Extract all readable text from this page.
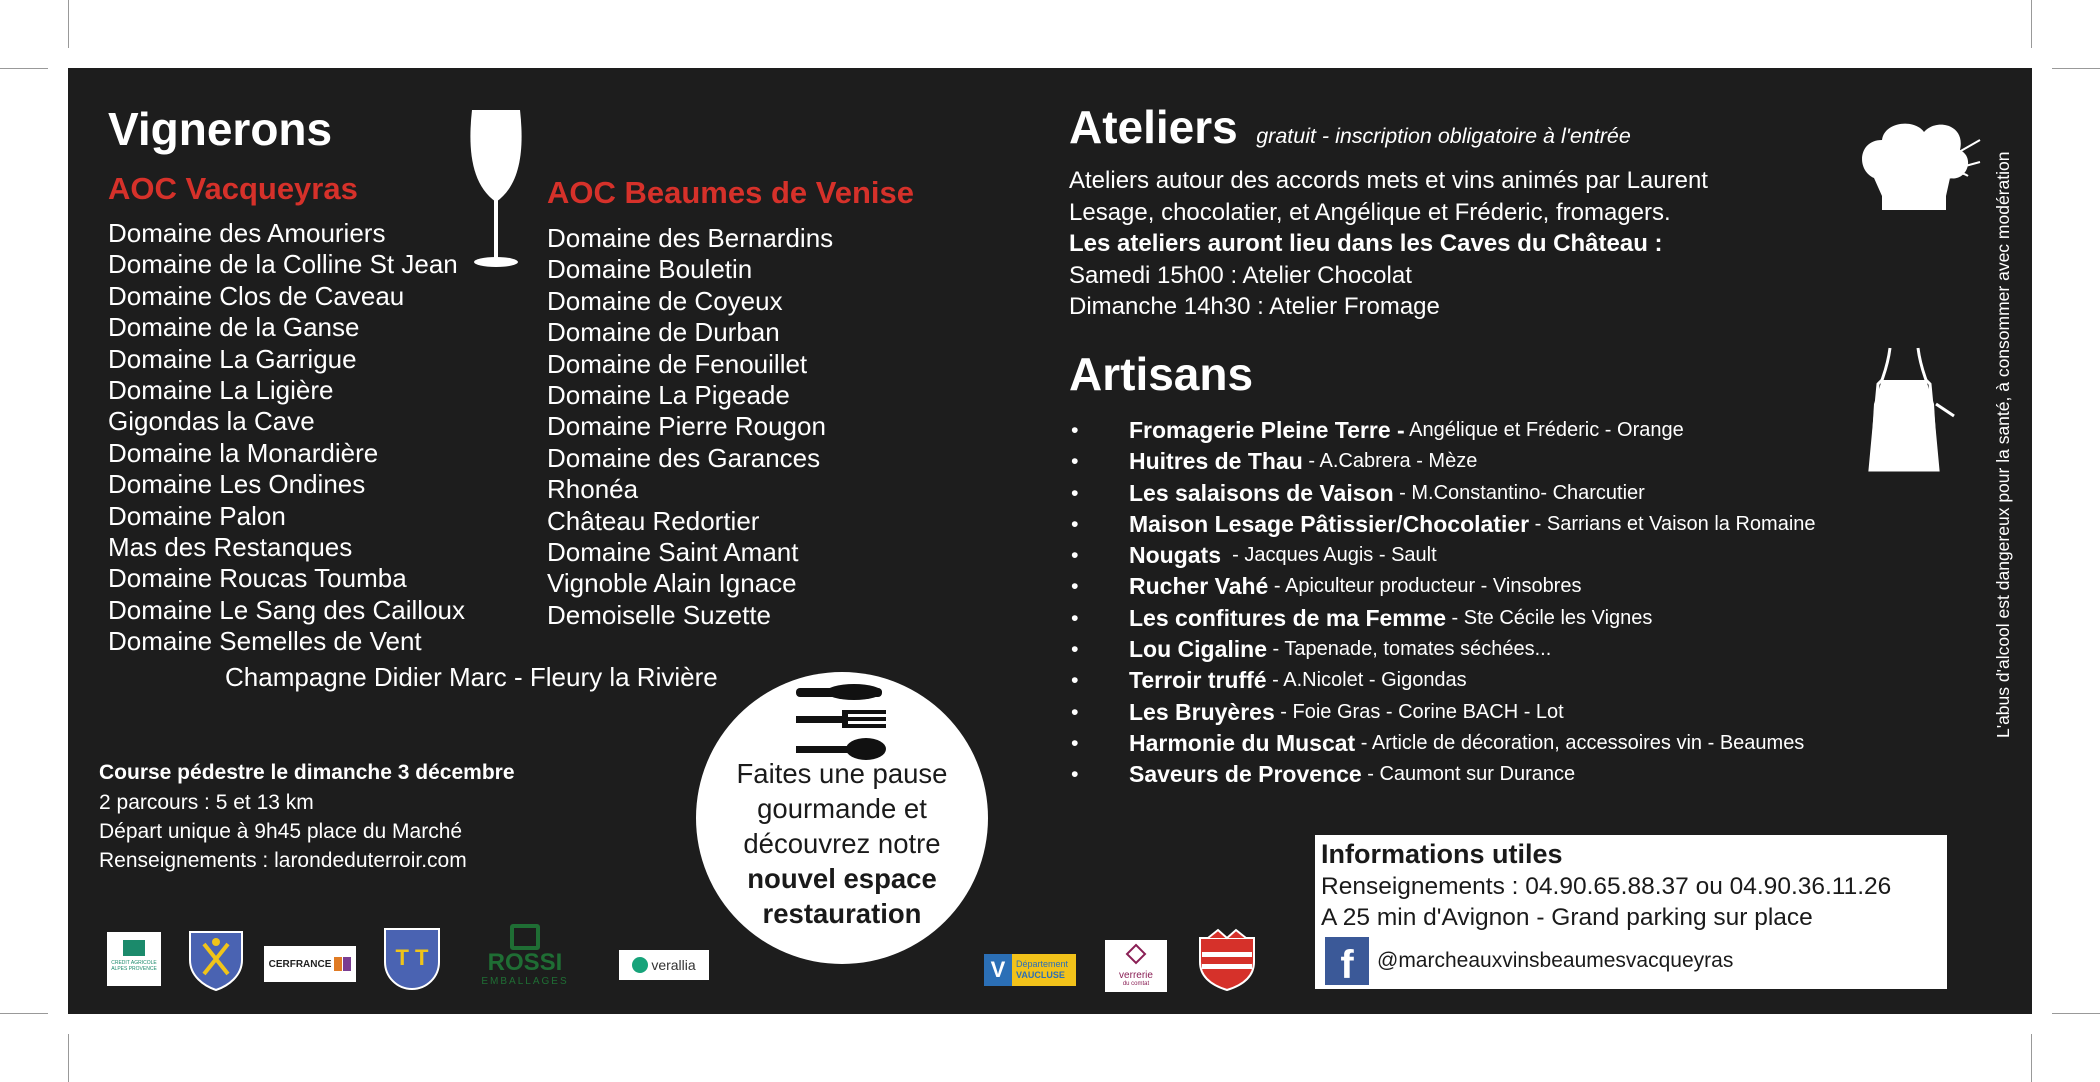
Vignerons
AOC Vacqueyras
Domaine des Amouriers
Domaine de la Colline St Jean
Domaine Clos de Caveau
Domaine de la Ganse
Domaine La Garrigue
Domaine La Ligière
Gigondas la Cave
Domaine la Monardière
Domaine Les Ondines
Domaine Palon
Mas des Restanques
Domaine Roucas Toumba
Domaine Le Sang des Cailloux
Domaine Semelles de Vent
AOC Beaumes de Venise
Domaine des Bernardins
Domaine Bouletin
Domaine de Coyeux
Domaine de Durban
Domaine de Fenouillet
Domaine La Pigeade
Domaine Pierre Rougon
Domaine des Garances
Rhonéa
Château Redortier
Domaine Saint Amant
Vignoble Alain Ignace
Demoiselle Suzette
Champagne Didier Marc - Fleury la Rivière
Course pédestre le dimanche 3 décembre
2 parcours : 5 et 13 km
Départ unique à 9h45 place du Marché
Renseignements : larondeduterroir.com
Faites une pause
gourmande et
découvrez notre
nouvel espace
restauration
Ateliers gratuit - inscription obligatoire à l'entrée
Ateliers autour des accords mets et vins animés par Laurent
Lesage, chocolatier, et Angélique et Fréderic, fromagers.
Les ateliers auront lieu dans les Caves du Château :
Samedi 15h00 : Atelier Chocolat
Dimanche 14h30 : Atelier Fromage
Artisans
•	Fromagerie Pleine Terre - Angélique et Fréderic - Orange
•	Huitres de Thau - A.Cabrera - Mèze
•	Les salaisons de Vaison - M.Constantino- Charcutier
•	Maison Lesage Pâtissier/Chocolatier - Sarrians et Vaison la Romaine
•	Nougats - Jacques Augis - Sault
•	Rucher Vahé - Apiculteur producteur - Vinsobres
•	Les confitures de ma Femme - Ste Cécile les Vignes
•	Lou Cigaline - Tapenade, tomates séchées...
•	Terroir truffé - A.Nicolet - Gigondas
•	Les Bruyères - Foie Gras - Corine BACH - Lot
•	Harmonie du Muscat - Article de décoration, accessoires vin - Beaumes
•	Saveurs de Provence - Caumont sur Durance
Informations utiles
Renseignements : 04.90.65.88.37 ou 04.90.36.11.26
A 25 min d'Avignon - Grand parking sur place
f	@marcheauxvinsbeaumesvacqueyras
L'abus d'alcool est dangereux pour la santé, à consommer avec modération
CREDIT AGRICOLE
ALPES PROVENCE	CERFRANCE	T T	ROSSI
EMBALLAGES
verallia	V	Département
VAUCLUSE	verrerie
du comtat
